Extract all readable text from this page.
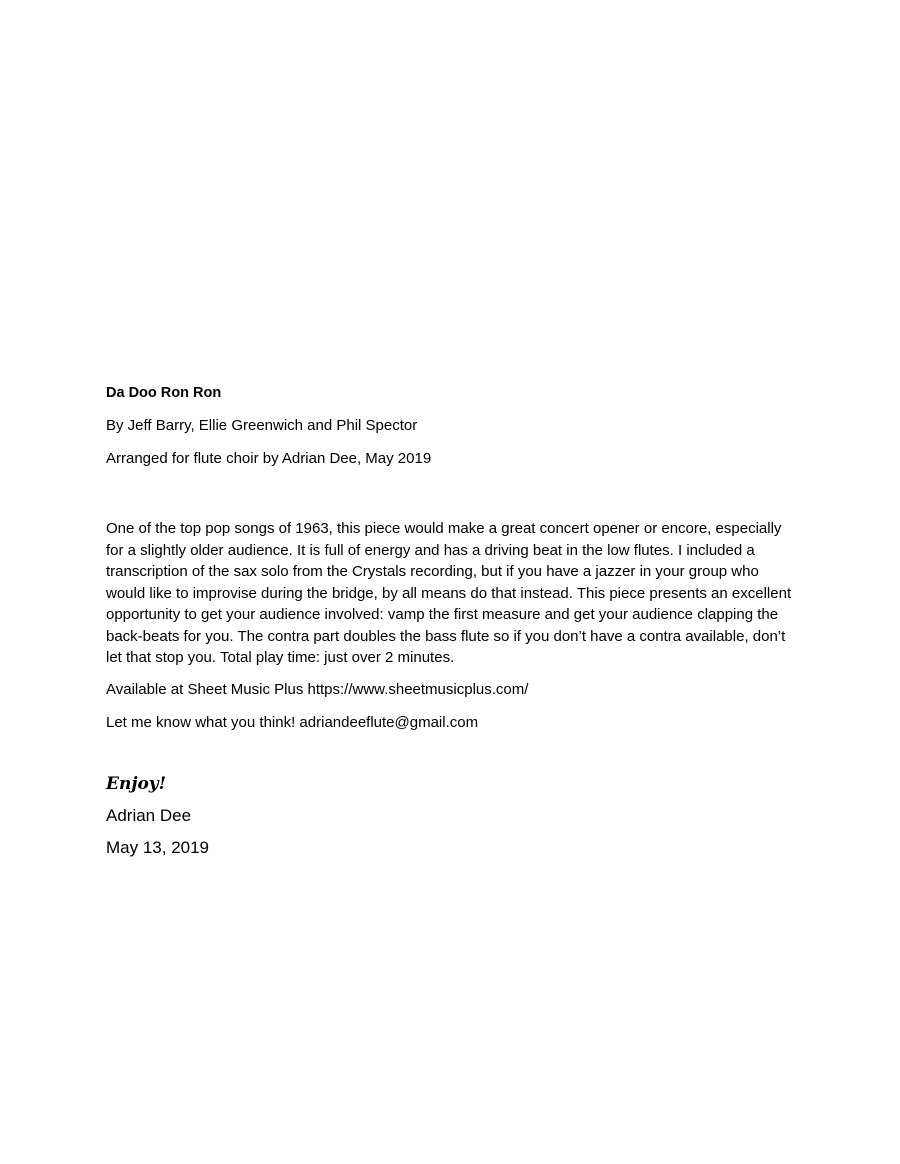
Da Doo Ron Ron
By Jeff Barry, Ellie Greenwich and Phil Spector
Arranged for flute choir by Adrian Dee, May 2019
One of the top pop songs of 1963, this piece would make a great concert opener or encore, especially
for a slightly older audience. It is full of energy and has a driving beat in the low flutes. I included a
transcription of the sax solo from the Crystals recording, but if you have a jazzer in your group who
would like to improvise during the bridge, by all means do that instead. This piece presents an excellent
opportunity to get your audience involved: vamp the first measure and get your audience clapping the
back-beats for you. The contra part doubles the bass flute so if you don’t have a contra available, don’t
let that stop you. Total play time: just over 2 minutes.
Available at Sheet Music Plus https://www.sheetmusicplus.com/
Let me know what you think! adriandeeflute@gmail.com
Enjoy!
Adrian Dee
May 13, 2019
